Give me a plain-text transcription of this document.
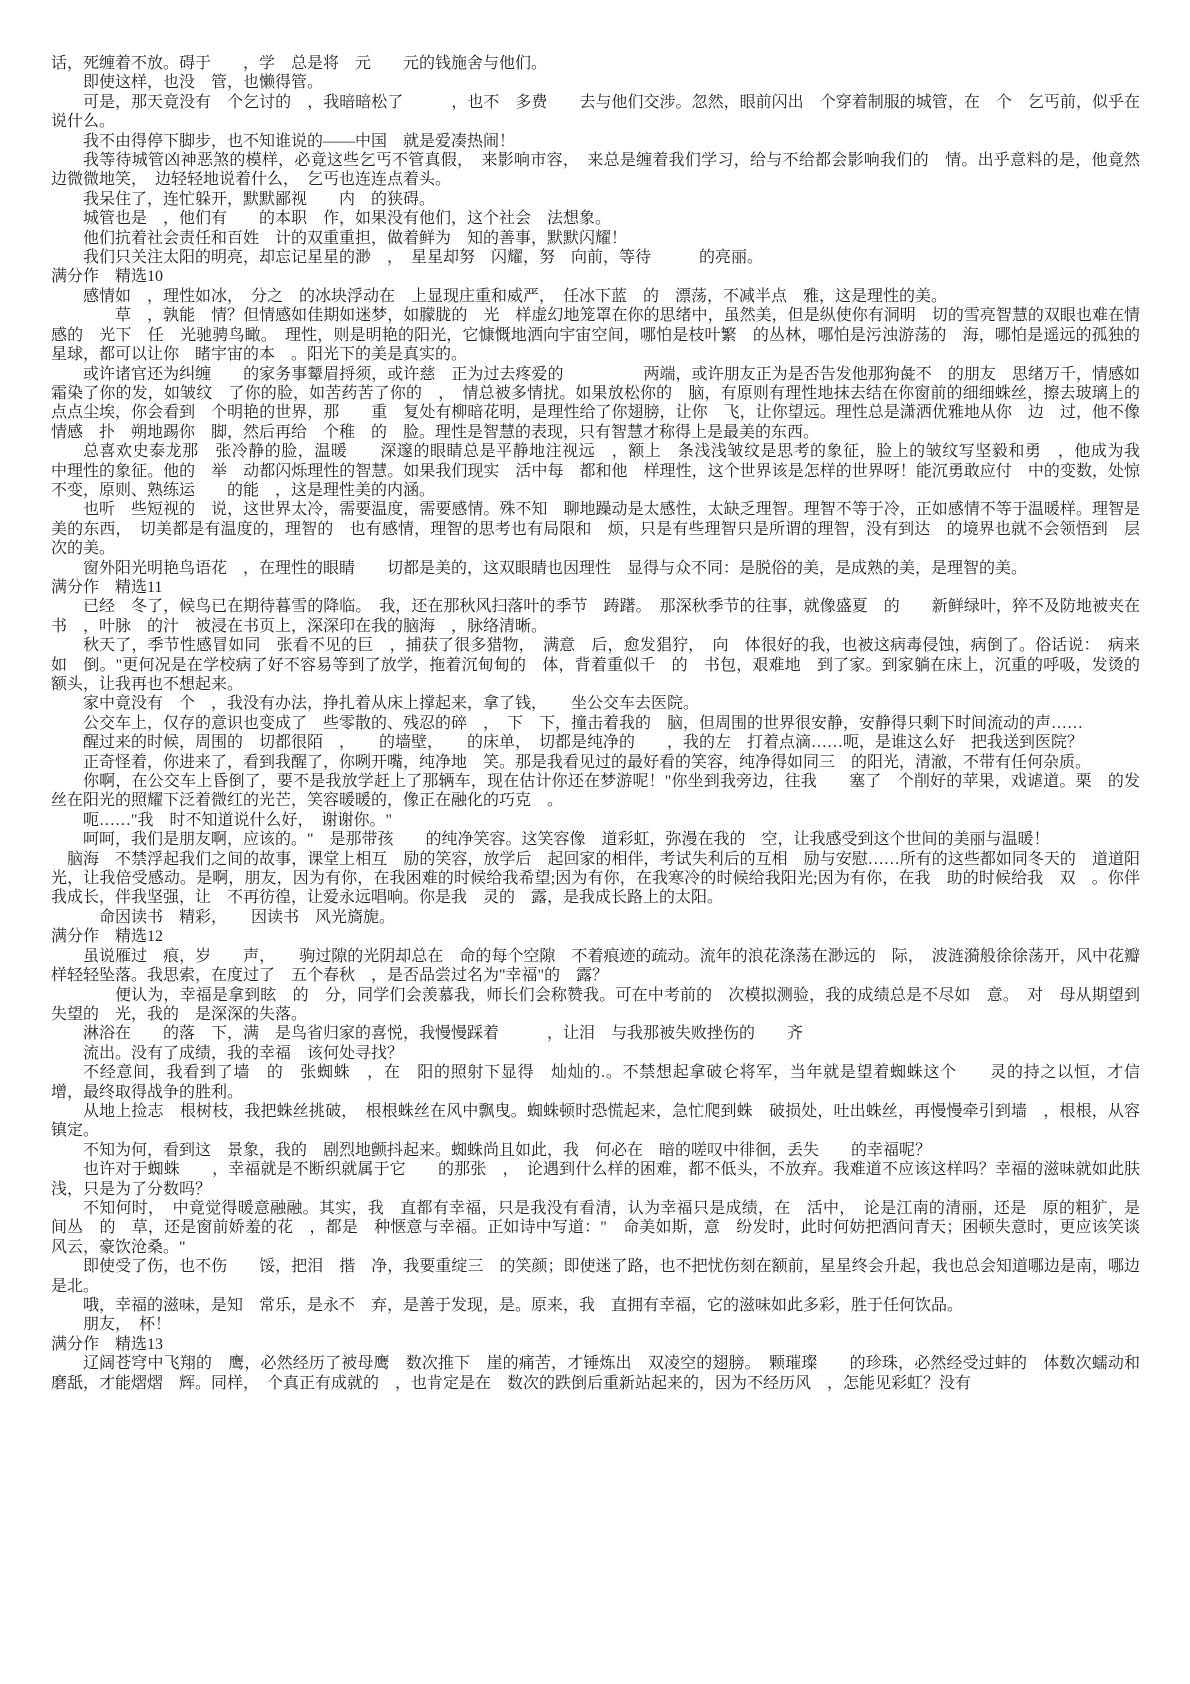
话，死缠着不放。碍于　　，学　总是将　元　　元的钱施舍与他们。

即使这样，也没　管，也懒得管。

可是，那天竟没有　个乞讨的　，我暗暗松了　　　，也不　多费　　去与他们交涉。忽然，眼前闪出　个穿着制服的城管，在　个　乞丐前，似乎在说什么。

我不由得停下脚步，也不知谁说的——中国　就是爱凑热闹！

我等待城管凶神恶煞的模样，必竟这些乞丐不管真假，　来影响市容，　来总是缠着我们学习，给与不给都会影响我们的　情。出乎意料的是，他竟然　边微微地笑，　边轻轻地说着什么，　乞丐也连连点着头。

我呆住了，连忙躲开，默默鄙视　　内　的狭碍。

城管也是　，他们有　　的本职　作，如果没有他们，这个社会　法想象。

他们抗着社会责任和百姓　计的双重重担，做着鲜为　知的善事，默默闪耀！

我们只关注太阳的明亮，却忘记星星的渺　，　星星却努　闪耀，努　向前，等待　　　的亮丽。

满分作　精选10

感情如　，理性如冰，　分之　的冰块浮动在　上显现庄重和威严，　任冰下蓝　的　漂荡，不减半点　雅，这是理性的美。

草　，孰能　情？但情感如佳期如迷梦，如朦胧的　光　样虚幻地笼罩在你的思绪中，虽然美，但是纵使你有洞明　切的雪亮智慧的双眼也难在情感的　光下　任　光驰骋鸟瞰。　理性，则是明艳的阳光，它慷慨地洒向宇宙空间，哪怕是枝叶繁　的丛林，哪怕是污浊游荡的　海，哪怕是遥远的孤独的星球，都可以让你　睹宇宙的本　。阳光下的美是真实的。

或许诸官还为纠缠　　的家务事颦眉捋须，或许慈　正为过去疼爱的　　　　　两端，或许朋友正为是否告发他那狗彘不　的朋友　思绪万千，情感如霜染了你的发，如皱纹　了你的脸，如苦药苦了你的　，　情总被多情扰。如果放松你的　脑，有原则有理性地抹去结在你窗前的细细蛛丝，擦去玻璃上的点点尘埃，你会看到　个明艳的世界，那　　重　复处有柳暗花明，是理性给了你翅膀，让你　飞，让你望远。理性总是潇洒优雅地从你　边　过，他不像情感　扑　朔地踢你　脚，然后再给　个稚　的　脸。理性是智慧的表现，只有智慧才称得上是最美的东西。

总喜欢史泰龙那　张冷静的脸，温暖　　深邃的眼睛总是平静地注视远　，额上　条浅浅皱纹是思考的象征，脸上的皱纹写坚毅和勇　，他成为我　　中理性的象征。他的　举　动都闪烁理性的智慧。如果我们现实　活中每　都和他　样理性，这个世界该是怎样的世界呀！能沉勇敢应付　中的变数，处惊不变，原则、熟练运　　的能　，这是理性美的内涵。

也听　些短视的　说，这世界太冷，需要温度，需要感情。殊不知　聊地躁动是太感性，太缺乏理智。理智不等于冷，正如感情不等于温暖样。理智是美的东西，　切美都是有温度的，理智的　也有感情，理智的思考也有局限和　烦，只是有些理智只是所谓的理智，没有到达　的境界也就不会领悟到　层次的美。

窗外阳光明艳鸟语花　，在理性的眼睛　　切都是美的，这双眼睛也因理性　显得与众不同：是脱俗的美，是成熟的美，是理智的美。

满分作　精选11

已经　冬了，候鸟已在期待暮雪的降临。　我，还在那秋风扫落叶的季节　踌躇。　那深秋季节的往事，就像盛夏　的　　新鲜绿叶，猝不及防地被夹在书　，叶脉　的汁　被浸在书页上，深深印在我的脑海　，脉络清晰。

秋天了，季节性感冒如同　张看不见的巨　，捕获了很多猎物，　满意　后，愈发猖狞，　向　体很好的我，也被这病毒侵蚀，病倒了。俗话说：　病来如　倒。"更何况是在学校病了好不容易等到了放学，拖着沉甸甸的　体，背着重似千　的　书包，艰难地　到了家。到家躺在床上，沉重的呼吸，发烫的额头，让我再也不想起来。

家中竟没有　个　，我没有办法，挣扎着从床上撑起来，拿了钱，　　坐公交车去医院。

公交车上，仅存的意识也变成了　些零散的、残忍的碎　，　下　下，撞击着我的　脑，但周围的世界很安静，安静得只剩下时间流动的声……

醒过来的时候，周围的　切都很陌　，　　的墙壁，　　的床单，　切都是纯净的　　，我的左　打着点滴……呃，是谁这么好　把我送到医院？

正奇怪着，你进来了，看到我醒了，你咧开嘴，纯净地　笑。那是我看见过的最好看的笑容，纯净得如同三　的阳光，清澈，不带有任何杂质。

你啊，在公交车上昏倒了，要不是我放学赶上了那辆车，现在估计你还在梦游呢！"你坐到我旁边，往我　　塞了　个削好的苹果，戏谑道。栗　的发丝在阳光的照耀下泛着微红的光芒，笑容暖暖的，像正在融化的巧克　。

呃……"我　时不知道说什么好，　谢谢你。"

呵呵，我们是朋友啊，应该的。"　是那带孩　　的纯净笑容。这笑容像　道彩虹，弥漫在我的　空，让我感受到这个世间的美丽与温暖！

脑海　不禁浮起我们之间的故事，课堂上相互　励的笑容，放学后　起回家的相伴，考试失利后的互相　励与安慰……所有的这些都如同冬天的　道道阳光，让我倍受感动。是啊，朋友，因为有你，在我困难的时候给我希望;因为有你，在我寒冷的时候给我阳光;因为有你，在我　助的时候给我　双　。你伴我成长，伴我坚强，让　不再彷徨，让爱永远唱响。你是我　灵的　露，是我成长路上的太阳。

命因读书　精彩，　　因读书　风光旖旎。

满分作　精选12

虽说雁过　痕，岁　　声，　　驹过隙的光阴却总在　命的每个空隙　不着痕迹的疏动。流年的浪花涤荡在渺远的　际，　波涟漪般徐徐荡开，风中花瓣样轻轻坠落。我思索，在度过了　五个春秋　，是否品尝过名为"幸福"的　露？

便认为，幸福是拿到眩　的　分，同学们会羡慕我，师长们会称赞我。可在中考前的　次模拟测验，我的成绩总是不尽如　意。　对　母从期望到失望的　光，我的　是深深的失落。

淋浴在　　的落　下，满　是鸟省归家的喜悦，我慢慢踩着　　　，让泪　与我那被失败挫伤的　　齐

流出。没有了成绩，我的幸福　该何处寻找？

不经意间，我看到了墙　的　张蜘蛛　，在　阳的照射下显得　灿灿的.。不禁想起拿破仑将军，当年就是望着蜘蛛这个　　灵的持之以恒，才信　　增，最终取得战争的胜利。

从地上捡志　根树枝，我把蛛丝挑破，　根根蛛丝在风中飘曳。蜘蛛顿时恐慌起来，急忙爬到蛛　破损处，吐出蛛丝，再慢慢牵引到墙　，根根，从容镇定。

不知为何，看到这　景象，我的　剧烈地颤抖起来。蜘蛛尚且如此，我　何必在　暗的嗟叹中徘徊，丢失　　的幸福呢？

也许对于蜘蛛　　，幸福就是不断织就属于它　　的那张　，　论遇到什么样的困难，都不低头，不放弃。我难道不应该这样吗？幸福的滋味就如此肤浅，只是为了分数吗？

不知何时，　中竟觉得暖意融融。其实，我　直都有幸福，只是我没有看清，认为幸福只是成绩，在　活中，　论是江南的清丽，还是　原的粗犷，是　间丛　的　草，还是窗前娇羞的花　，都是　种惬意与幸福。正如诗中写道："　命美如斯，意　纷发时，此时何妨把酒问青天；困顿失意时，更应该笑谈风云，豪饮沧桑。"

即使受了伤，也不伤　　馁，把泪　揩　净，我要重绽三　的笑颜；即使迷了路，也不把忧伤刻在额前，星星终会升起，我也总会知道哪边是南，哪边是北。

哦，幸福的滋味，是知　常乐，是永不　弃，是善于发现，是。原来，我　直拥有幸福，它的滋味如此多彩，胜于任何饮品。

朋友，　杯！

满分作　精选13

辽阔苍穹中飞翔的　鹰，必然经历了被母鹰　数次推下　崖的痛苦，才锤炼出　双凌空的翅膀。　颗璀璨　　的珍珠，必然经受过蚌的　体数次蠕动和磨舐，才能熠熠　辉。同样，　个真正有成就的　，也肯定是在　数次的跌倒后重新站起来的，因为不经历风　，怎能见彩虹？没有
